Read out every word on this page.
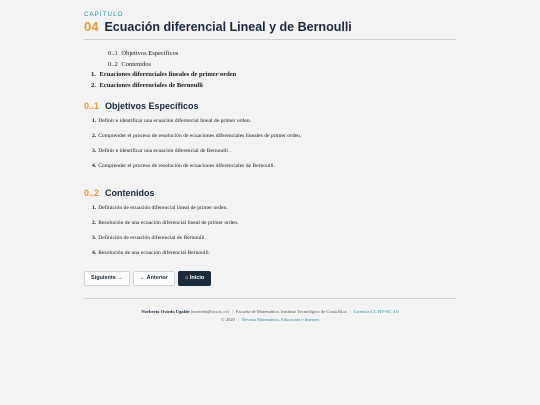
CAPÍTULO
04 Ecuación diferencial Lineal y de Bernoulli
0..1 Objetivos Específicos
0..2 Contenidos
1. Ecuaciones diferenciales lineales de primer orden
2. Ecuaciones diferenciales de Bernoulli
0..1 Objetivos Específicos
1. Definir e identificar una ecuación diferencial lineal de primer orden.
2. Comprender el proceso de resolución de ecuaciones diferenciales lineales de primer orden.
3. Definir e identificar una ecuación diferencial de Bernoulli .
4. Comprender el proceso de resolución de ecuaciones diferenciales de Bernoulli.
0..2 Contenidos
1. Definición de ecuación diferencial lineal de primer orden.
2. Resolución de una ecuación diferencial lineal de primer orden.
3. Definición de ecuación diferencial de Bernoulli.
4. Resolución de una ecuación diferencial Bernoulli.
Siguiente →	← Anterior	⌂ Inicio
Norberto Oviedo Ugalde (noviedo@itcr.ac.cr) | Escuela de Matemática, Instituto Tecnológico de Costa Rica | Licencia CC BY-NC 4.0
© 2020 | Revista Matemática, Educación e Internet
